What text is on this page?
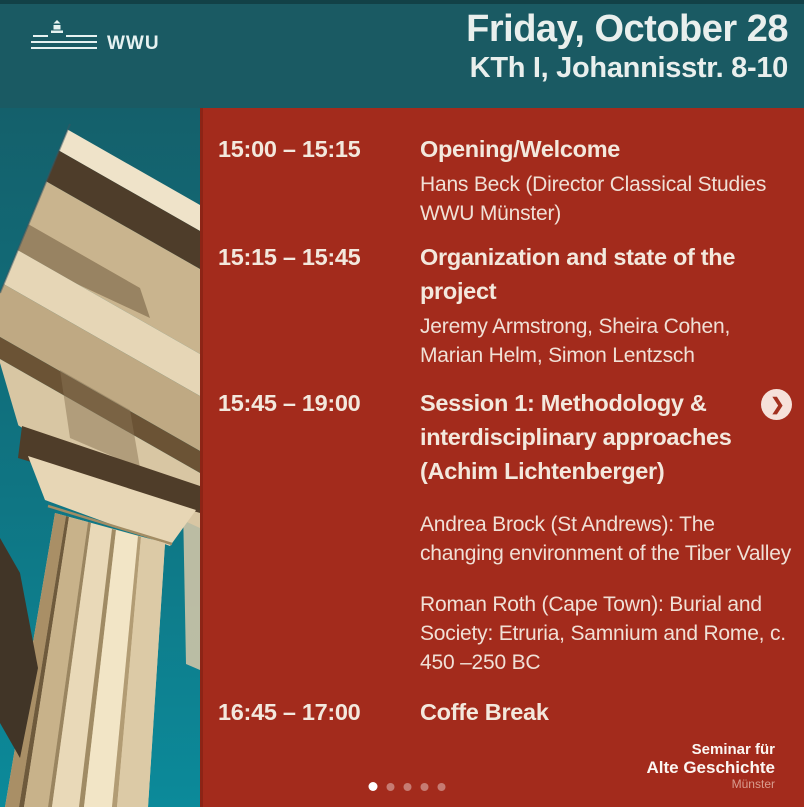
WWU	Friday, October 28
KTh I, Johannisstr. 8-10
15:00 – 15:15	Opening/Welcome

Hans Beck (Director Classical Studies WWU Münster)

15:15 – 15:45	Organization and state of the project

Jeremy Armstrong, Sheira Cohen, Marian Helm, Simon Lentzsch

15:45 – 19:00	Session 1: Methodology & interdisciplinary approaches (Achim Lichtenberger)

Andrea Brock (St Andrews): The changing environment of the Tiber Valley

Roman Roth (Cape Town): Burial and Society: Etruria, Samnium and Rome, c. 450 –250 BC

16:45 – 17:00	Coffe Break
❯
Seminar für
Alte Geschichte
Münster
